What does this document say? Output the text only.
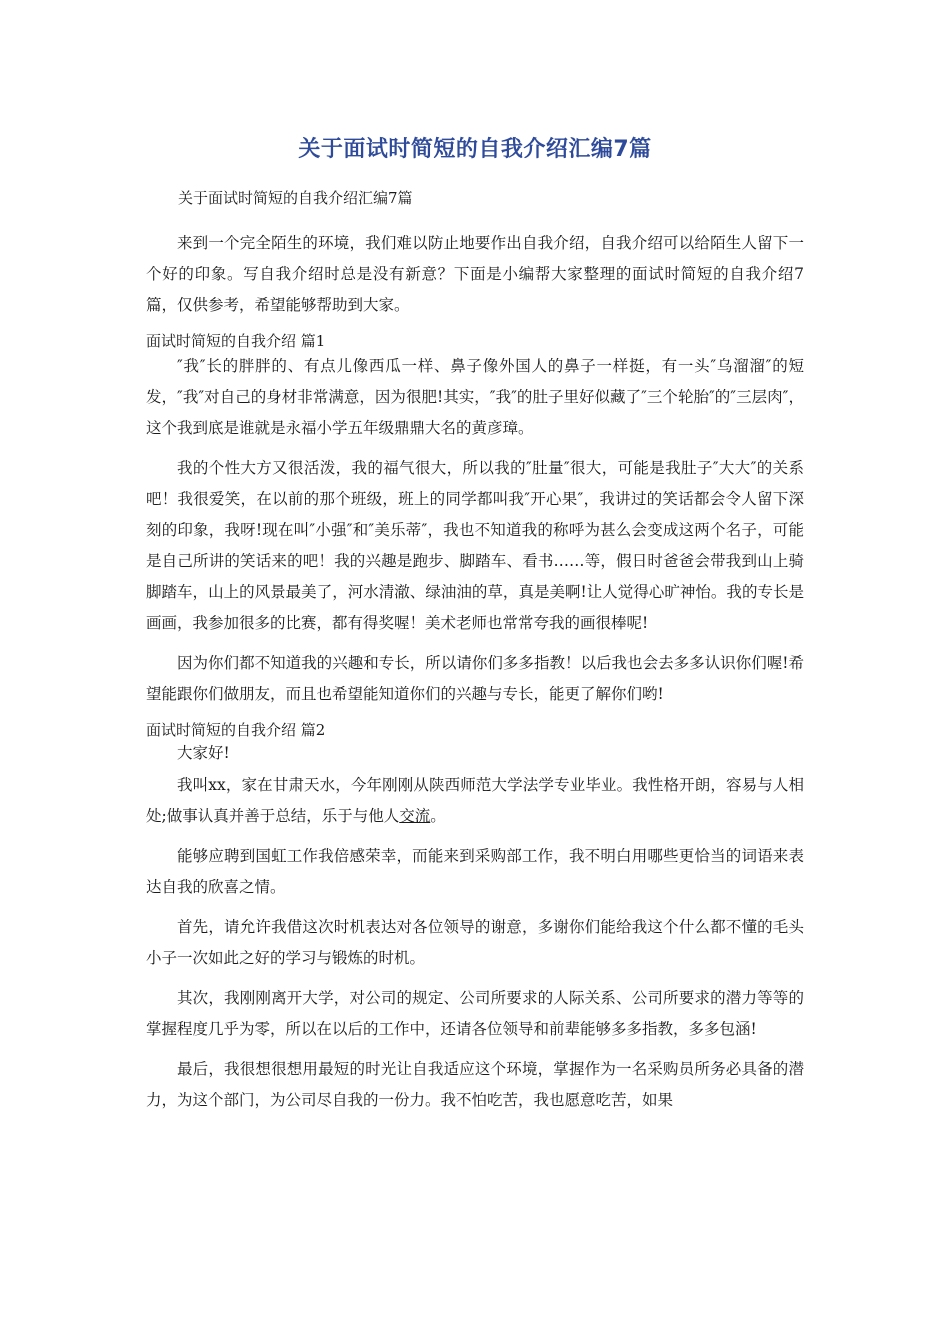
关于面试时简短的自我介绍汇编7篇
关于面试时简短的自我介绍汇编7篇

来到一个完全陌生的环境，我们难以防止地要作出自我介绍，自我介绍可以给陌生人留下一个好的印象。写自我介绍时总是没有新意？下面是小编帮大家整理的面试时简短的自我介绍7篇，仅供参考，希望能够帮助到大家。

面试时简短的自我介绍 篇1

″我″长的胖胖的、有点儿像西瓜一样、鼻子像外国人的鼻子一样挺，有一头″乌溜溜″的短发，″我″对自己的身材非常满意，因为很肥!其实，″我″的肚子里好似藏了″三个轮胎″的″三层肉″，这个我到底是谁就是永福小学五年级鼎鼎大名的黄彦璋。

我的个性大方又很活泼，我的福气很大，所以我的″肚量″很大，可能是我肚子″大大″的关系吧！我很爱笑，在以前的那个班级，班上的同学都叫我″开心果″，我讲过的笑话都会令人留下深刻的印象，我呀!现在叫″小强″和″美乐蒂″，我也不知道我的称呼为甚么会变成这两个名子，可能是自己所讲的笑话来的吧！我的兴趣是跑步、脚踏车、看书……等，假日时爸爸会带我到山上骑脚踏车，山上的风景最美了，河水清澈、绿油油的草，真是美啊!让人觉得心旷神怡。我的专长是画画，我参加很多的比赛，都有得奖喔！美术老师也常常夸我的画很棒呢!

因为你们都不知道我的兴趣和专长，所以请你们多多指教！以后我也会去多多认识你们喔!希望能跟你们做朋友，而且也希望能知道你们的兴趣与专长，能更了解你们哟!

面试时简短的自我介绍 篇2

大家好!

我叫xx，家在甘肃天水，今年刚刚从陕西师范大学法学专业毕业。我性格开朗，容易与人相处;做事认真并善于总结，乐于与他人交流。

能够应聘到国虹工作我倍感荣幸，而能来到采购部工作，我不明白用哪些更恰当的词语来表达自我的欣喜之情。

首先，请允许我借这次时机表达对各位领导的谢意，多谢你们能给我这个什么都不懂的毛头小子一次如此之好的学习与锻炼的时机。

其次，我刚刚离开大学，对公司的规定、公司所要求的人际关系、公司所要求的潜力等等的掌握程度几乎为零，所以在以后的工作中，还请各位领导和前辈能够多多指教，多多包涵!

最后，我很想很想用最短的时光让自我适应这个环境，掌握作为一名采购员所务必具备的潜力，为这个部门，为公司尽自我的一份力。我不怕吃苦，我也愿意吃苦，如果
